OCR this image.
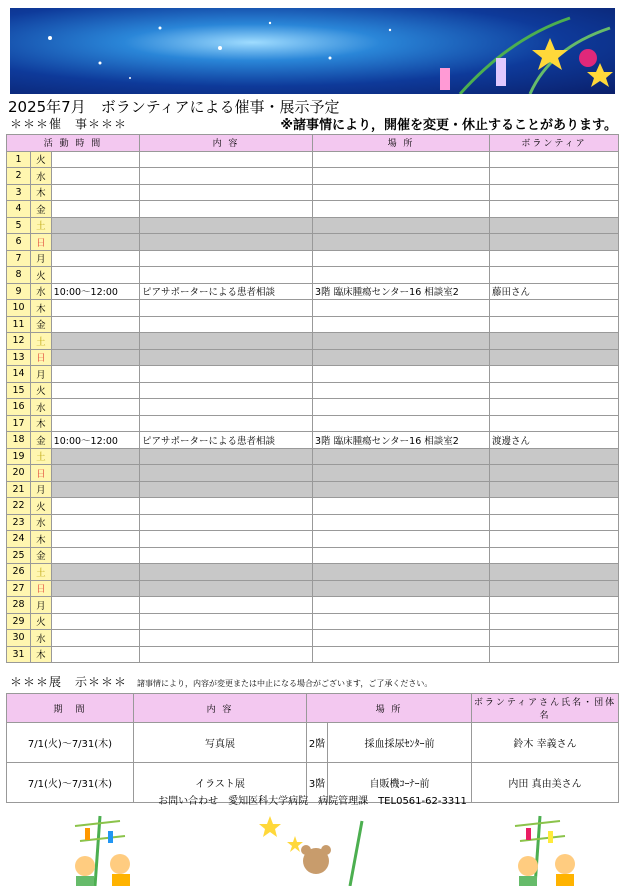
2025年7月　ボランティアによる催事・展示予定
＊＊＊催　事＊＊＊	※諸事情により，開催を変更・休止することがあります。
活 動 時 間			内 容	場 所	ボランティア
1	火				
2	水				
3	木				
4	金				
5	土				
6	日				
7	月				
8	火				
9	水	10:00～12:00	ピアサポーターによる患者相談	3階 臨床腫瘍センター16 相談室2	藤田さん
10	木				
11	金				
12	土				
13	日				
14	月				
15	火				
16	水				
17	木				
18	金	10:00～12:00	ピアサポーターによる患者相談	3階 臨床腫瘍センター16 相談室2	渡邊さん
19	土				
20	日				
21	月				
22	火				
23	水				
24	木				
25	金				
26	土				
27	日				
28	月				
29	火				
30	水				
31	木				
＊＊＊展　示＊＊＊ 諸事情により，内容が変更または中止になる場合がございます，ご了承ください。
期　間	内 容	場 所		ボランティアさん氏名・団体名
7/1(火)～7/31(木)	写真展	2階	採血採尿ｾﾝﾀｰ前	鈴木 幸義さん
7/1(火)～7/31(木)	イラスト展	3階	自販機ｺｰﾅｰ前	内田 真由美さん
お問い合わせ　愛知医科大学病院　病院管理課　TEL0561-62-3311
